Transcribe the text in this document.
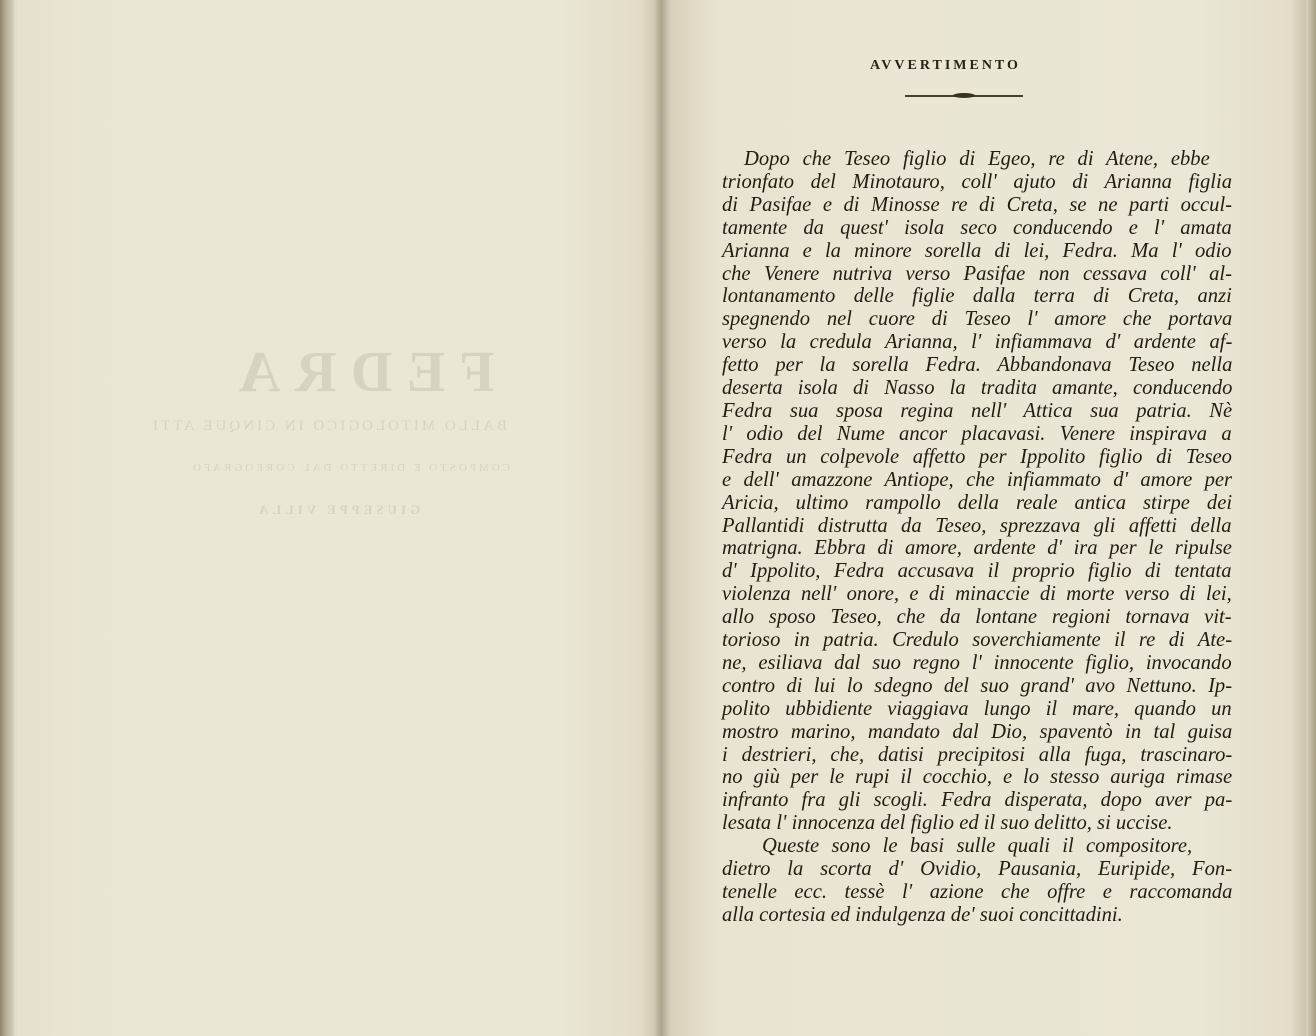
FEDRA
BALLO MITOLOGICO IN CINQUE ATTI
COMPOSTO E DIRETTO DAL COREOGRAFO
GIUSEPPE VILLA
AVVERTIMENTO
Dopo che Teseo figlio di Egeo, re di Atene, ebbe
trionfato del Minotauro, coll' ajuto di Arianna figlia
di Pasifae e di Minosse re di Creta, se ne parti occul-
tamente da quest' isola seco conducendo e l' amata
Arianna e la minore sorella di lei, Fedra. Ma l' odio
che Venere nutriva verso Pasifae non cessava coll' al-
lontanamento delle figlie dalla terra di Creta, anzi
spegnendo nel cuore di Teseo l' amore che portava
verso la credula Arianna, l' infiammava d' ardente af-
fetto per la sorella Fedra. Abbandonava Teseo nella
deserta isola di Nasso la tradita amante, conducendo
Fedra sua sposa regina nell' Attica sua patria. Nè
l' odio del Nume ancor placavasi. Venere inspirava a
Fedra un colpevole affetto per Ippolito figlio di Teseo
e dell' amazzone Antiope, che infiammato d' amore per
Aricia, ultimo rampollo della reale antica stirpe dei
Pallantidi distrutta da Teseo, sprezzava gli affetti della
matrigna. Ebbra di amore, ardente d' ira per le ripulse
d' Ippolito, Fedra accusava il proprio figlio di tentata
violenza nell' onore, e di minaccie di morte verso di lei,
allo sposo Teseo, che da lontane regioni tornava vit-
torioso in patria. Credulo soverchiamente il re di Ate-
ne, esiliava dal suo regno l' innocente figlio, invocando
contro di lui lo sdegno del suo grand' avo Nettuno. Ip-
polito ubbidiente viaggiava lungo il mare, quando un
mostro marino, mandato dal Dio, spaventò in tal guisa
i destrieri, che, datisi precipitosi alla fuga, trascinaro-
no giù per le rupi il cocchio, e lo stesso auriga rimase
infranto fra gli scogli. Fedra disperata, dopo aver pa-
lesata l' innocenza del figlio ed il suo delitto, si uccise.
Queste sono le basi sulle quali il compositore,
dietro la scorta d' Ovidio, Pausania, Euripide, Fon-
tenelle ecc. tessè l' azione che offre e raccomanda
alla cortesia ed indulgenza de' suoi concittadini.
